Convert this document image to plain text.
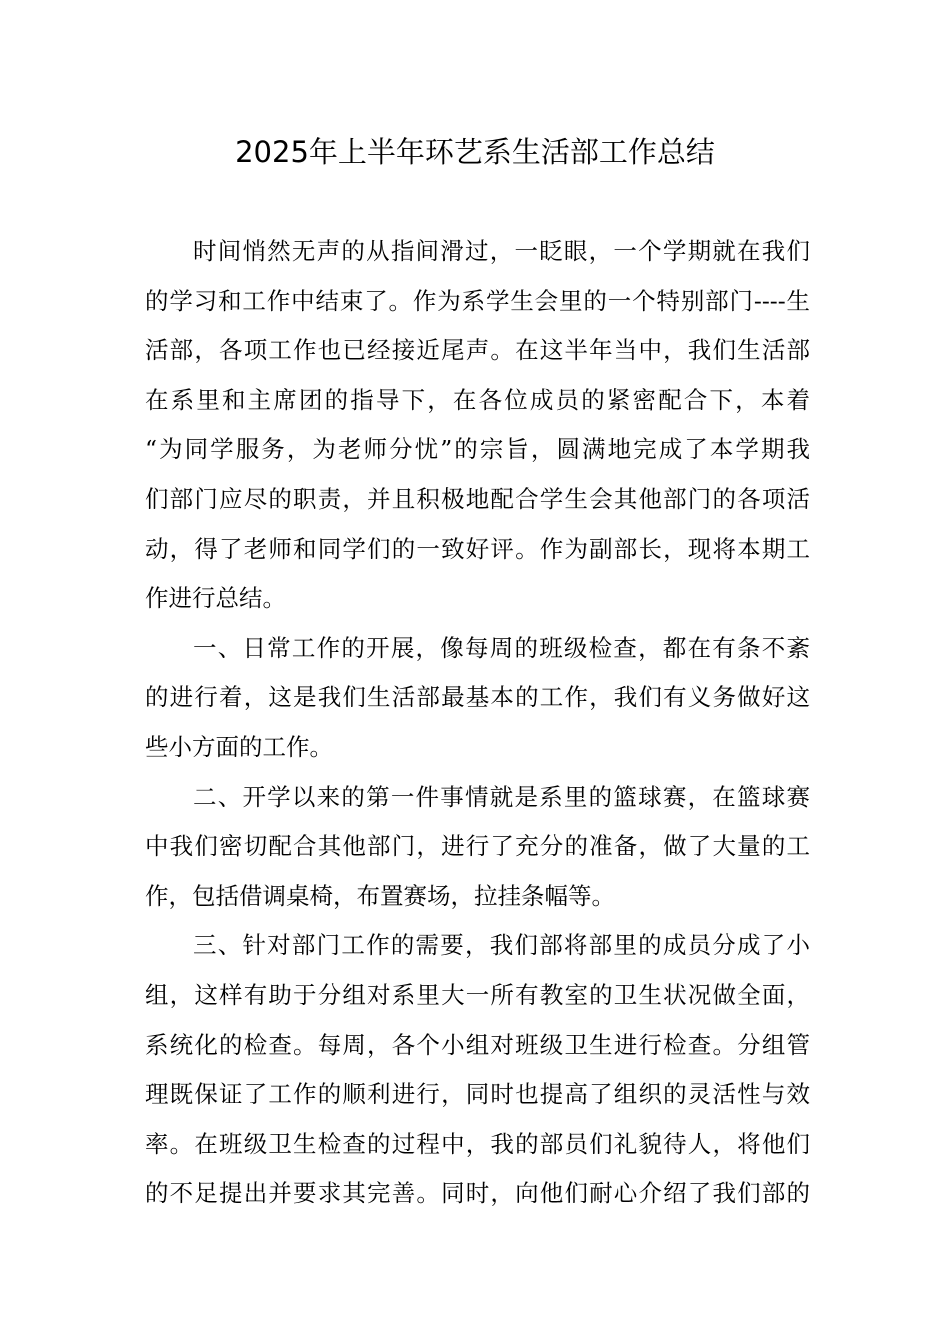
2025年上半年环艺系生活部工作总结
时间悄然无声的从指间滑过，一眨眼，一个学期就在我们
的学习和工作中结束了。作为系学生会里的一个特别部门----生
活部，各项工作也已经接近尾声。在这半年当中，我们生活部
在系里和主席团的指导下，在各位成员的紧密配合下，本着
“为同学服务，为老师分忧”的宗旨，圆满地完成了本学期我
们部门应尽的职责，并且积极地配合学生会其他部门的各项活
动，得了老师和同学们的一致好评。作为副部长，现将本期工
作进行总结。
一、日常工作的开展，像每周的班级检查，都在有条不紊
的进行着，这是我们生活部最基本的工作，我们有义务做好这
些小方面的工作。
二、开学以来的第一件事情就是系里的篮球赛，在篮球赛
中我们密切配合其他部门，进行了充分的准备，做了大量的工
作，包括借调桌椅，布置赛场，拉挂条幅等。
三、针对部门工作的需要，我们部将部里的成员分成了小
组，这样有助于分组对系里大一所有教室的卫生状况做全面，
系统化的检查。每周，各个小组对班级卫生进行检查。分组管
理既保证了工作的顺利进行，同时也提高了组织的灵活性与效
率。在班级卫生检查的过程中，我的部员们礼貌待人，将他们
的不足提出并要求其完善。同时，向他们耐心介绍了我们部的
